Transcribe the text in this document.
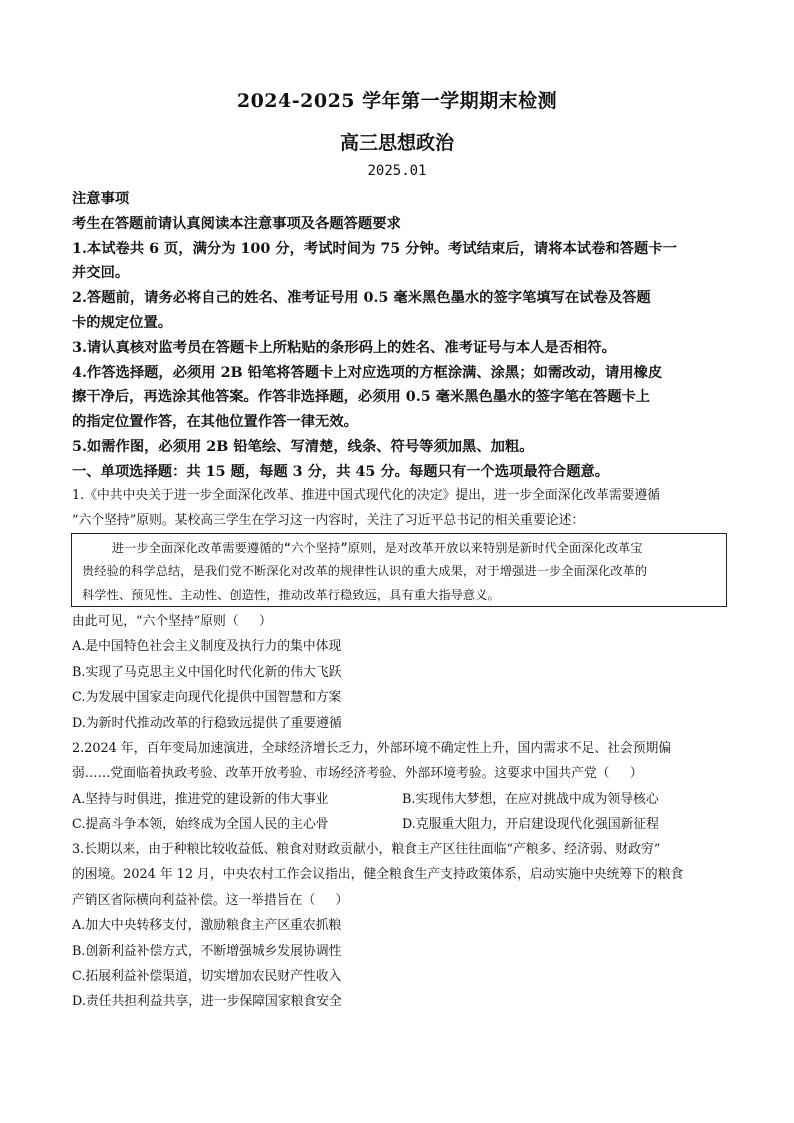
2024-2025 学年第一学期期末检测
高三思想政治
2025.01
注意事项
考生在答题前请认真阅读本注意事项及各题答题要求
1.本试卷共 6 页，满分为 100 分，考试时间为 75 分钟。考试结束后，请将本试卷和答题卡一
并交回。
2.答题前，请务必将自己的姓名、准考证号用 0.5 毫米黑色墨水的签字笔填写在试卷及答题
卡的规定位置。
3.请认真核对监考员在答题卡上所粘贴的条形码上的姓名、准考证号与本人是否相符。
4.作答选择题，必须用 2B 铅笔将答题卡上对应选项的方框涂满、涂黑；如需改动，请用橡皮
擦干净后，再选涂其他答案。作答非选择题，必须用 0.5 毫米黑色墨水的签字笔在答题卡上
的指定位置作答，在其他位置作答一律无效。
5.如需作图，必须用 2B 铅笔绘、写清楚，线条、符号等须加黑、加粗。
一、单项选择题：共 15 题，每题 3 分，共 45 分。每题只有一个选项最符合题意。
1.《中共中央关于进一步全面深化改革、推进中国式现代化的决定》提出，进一步全面深化改革需要遵循
“六个坚持”原则。某校高三学生在学习这一内容时，关注了习近平总书记的相关重要论述：
进一步全面深化改革需要遵循的“六个坚持”原则，是对改革开放以来特别是新时代全面深化改革宝
贵经验的科学总结，是我们党不断深化对改革的规律性认识的重大成果，对于增强进一步全面深化改革的
科学性、预见性、主动性、创造性，推动改革行稳致远，具有重大指导意义。
由此可见，“六个坚持”原则（     ）
A.是中国特色社会主义制度及执行力的集中体现
B.实现了马克思主义中国化时代化新的伟大飞跃
C.为发展中国家走向现代化提供中国智慧和方案
D.为新时代推动改革的行稳致远提供了重要遵循
2.2024 年，百年变局加速演进，全球经济增长乏力，外部环境不确定性上升，国内需求不足、社会预期偏
弱……党面临着执政考验、改革开放考验、市场经济考验、外部环境考验。这要求中国共产党（     ）
A.坚持与时俱进，推进党的建设新的伟大事业	B.实现伟大梦想，在应对挑战中成为领导核心
C.提高斗争本领，始终成为全国人民的主心骨	D.克服重大阻力，开启建设现代化强国新征程
3.长期以来，由于种粮比较收益低、粮食对财政贡献小，粮食主产区往往面临“产粮多、经济弱、财政穷”
的困境。2024 年 12 月，中央农村工作会议指出，健全粮食生产支持政策体系，启动实施中央统筹下的粮食
产销区省际横向利益补偿。这一举措旨在（     ）
A.加大中央转移支付，激励粮食主产区重农抓粮
B.创新利益补偿方式，不断增强城乡发展协调性
C.拓展利益补偿渠道，切实增加农民财产性收入
D.责任共担利益共享，进一步保障国家粮食安全
